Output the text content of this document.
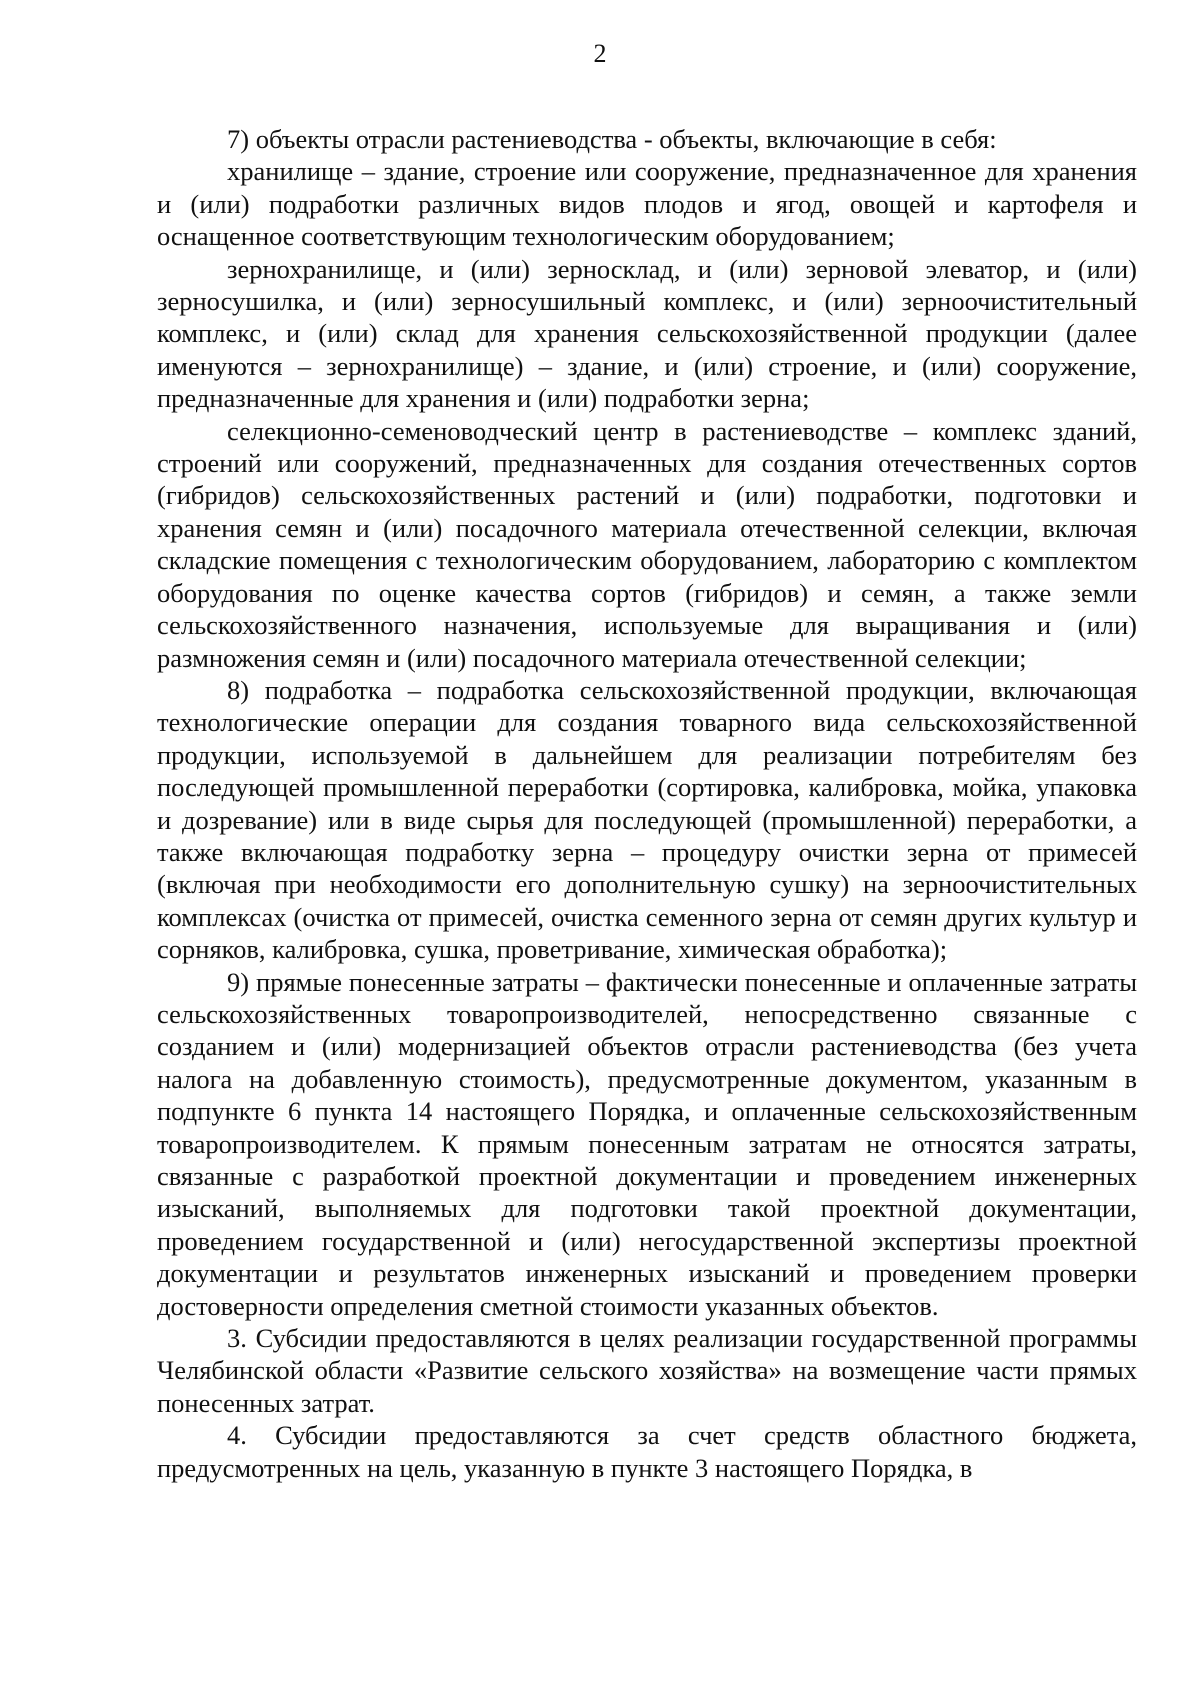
2

7) объекты отрасли растениеводства - объекты, включающие в себя:

хранилище – здание, строение или сооружение, предназначенное для хранения и (или) подработки различных видов плодов и ягод, овощей и картофеля и оснащенное соответствующим технологическим оборудованием;

зернохранилище, и (или) зерносклад, и (или) зерновой элеватор, и (или) зерносушилка, и (или) зерносушильный комплекс, и (или) зерноочистительный комплекс, и (или) склад для хранения сельскохозяйственной продукции (далее именуются – зернохранилище) – здание, и (или) строение, и (или) сооружение, предназначенные для хранения и (или) подработки зерна;

селекционно-семеноводческий центр в растениеводстве – комплекс зданий, строений или сооружений, предназначенных для создания отечественных сортов (гибридов) сельскохозяйственных растений и (или) подработки, подготовки и хранения семян и (или) посадочного материала отечественной селекции, включая складские помещения с технологическим оборудованием, лабораторию с комплектом оборудования по оценке качества сортов (гибридов) и семян, а также земли сельскохозяйственного назначения, используемые для выращивания и (или) размножения семян и (или) посадочного материала отечественной селекции;

8) подработка – подработка сельскохозяйственной продукции, включающая технологические операции для создания товарного вида сельскохозяйственной продукции, используемой в дальнейшем для реализации потребителям без последующей промышленной переработки (сортировка, калибровка, мойка, упаковка и дозревание) или в виде сырья для последующей (промышленной) переработки, а также включающая подработку зерна – процедуру очистки зерна от примесей (включая при необходимости его дополнительную сушку) на зерноочистительных комплексах (очистка от примесей, очистка семенного зерна от семян других культур и сорняков, калибровка, сушка, проветривание, химическая обработка);

9) прямые понесенные затраты – фактически понесенные и оплаченные затраты сельскохозяйственных товаропроизводителей, непосредственно связанные с созданием и (или) модернизацией объектов отрасли растениеводства (без учета налога на добавленную стоимость), предусмотренные документом, указанным в подпункте 6 пункта 14 настоящего Порядка, и оплаченные сельскохозяйственным товаропроизводителем. К прямым понесенным затратам не относятся затраты, связанные с разработкой проектной документации и проведением инженерных изысканий, выполняемых для подготовки такой проектной документации, проведением государственной и (или) негосударственной экспертизы проектной документации и результатов инженерных изысканий и проведением проверки достоверности определения сметной стоимости указанных объектов.

3. Субсидии предоставляются в целях реализации государственной программы Челябинской области «Развитие сельского хозяйства» на возмещение части прямых понесенных затрат.

4. Субсидии предоставляются за счет средств областного бюджета, предусмотренных на цель, указанную в пункте 3 настоящего Порядка, в
